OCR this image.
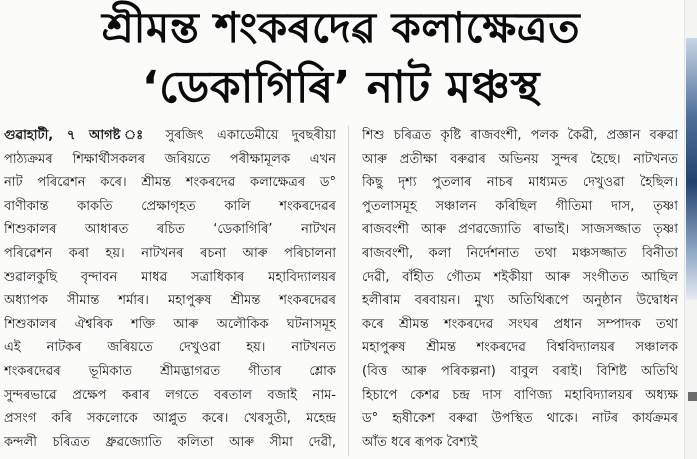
শ্ৰীমন্ত শংকৰদেৱ কলাক্ষেত্ৰত
‘ডেকাগিৰি’ নাট মঞ্চস্থ
গুৱাহাটী, ৭ আগষ্ট ঃ সুৰজিৎ একাডেমীয়ে দুবছৰীয়া
পাঠ্যক্ৰমৰ শিক্ষাৰ্থীসকলৰ জৰিয়তে পৰীক্ষামূলক এখন
নাট পৰিৱেশন কৰে। শ্ৰীমন্ত শংকৰদেৱ কলাক্ষেত্ৰৰ ড°
বাণীকান্ত কাকতি প্ৰেক্ষাগৃহত কালি শংকৰদেৱৰ
শিশুকালৰ আধাৰত ৰচিত ‘ডেকাগিৰি’ নাটখন
পৰিৱেশন কৰা হয়। নাটখনৰ ৰচনা আৰু পৰিচালনা
শুৱালকুছি বৃন্দাবন মাধৱ সত্ৰাধিকাৰ মহাবিদ্যালয়ৰ
অধ্যাপক সীমান্ত শৰ্মাৰ। মহাপুৰুষ শ্ৰীমন্ত শংকৰদেৱৰ
শিশুকালৰ ঐশ্বৰিক শক্তি আৰু অলৌকিক ঘটনাসমূহ
এই নাটকৰ জৰিয়তে দেখুওৱা হয়। নাটখনত
শংকৰদেৱৰ ভূমিকাত শ্ৰীমদ্ভাগৱত গীতাৰ শ্লোক
সুন্দৰভাৱে প্ৰক্ষেপ কৰাৰ লগতে বৰতাল বজাই নাম-
প্ৰসংগ কৰি সকলোকে আপ্লুত কৰে। খেৰসুতী, মহেন্দ্ৰ
কন্দলী চৰিত্ৰত ধ্ৰুৱজ্যোতি কলিতা আৰু সীমা দেৱী,
শিশু চৰিত্ৰত কৃষ্টি ৰাজবংশী, পলক কৈৱী, প্ৰজ্ঞান বৰুৱা
আৰু প্ৰতীক্ষা বৰুৱাৰ অভিনয় সুন্দৰ হৈছে। নাটখনত
কিছু দৃশ্য পুতলাৰ নাচৰ মাধ্যমত দেখুওৱা হৈছিল।
পুতলাসমূহ সঞ্চালন কৰিছিল গীতিমা দাস, তৃষ্ণা
ৰাজবংশী আৰু প্ৰণৱজ্যোতি ৰাভাই। সাজসজ্জাত তৃষ্ণা
ৰাজবংশী, কলা নিৰ্দেশনাত তথা মঞ্চসজ্জাত বিনীতা
দেৱী, বাঁহীত গৌতম শইকীয়া আৰু সংগীতত আছিল
হলীৰাম বৰবায়ন। মুখ্য অতিথিৰূপে অনুষ্ঠান উদ্বোধন
কৰে শ্ৰীমন্ত শংকৰদেৱ সংঘৰ প্ৰধান সম্পাদক তথা
মহাপুৰুষ শ্ৰীমন্ত শংকৰদেৱ বিশ্ববিদ্যালয়ৰ সঞ্চালক
(বিত্ত আৰু পৰিকল্পনা) বাবুল বৰাই। বিশিষ্ট অতিথি
হিচাপে কেশৱ চন্দ্ৰ দাস বাণিজ্য মহাবিদ্যালয়ৰ অধ্যক্ষ
ড° হৃষীকেশ বৰুৱা উপস্থিত থাকে। নাটৰ কাৰ্যক্ৰমৰ
আঁত ধৰে ৰূপক বৈশ্যই
